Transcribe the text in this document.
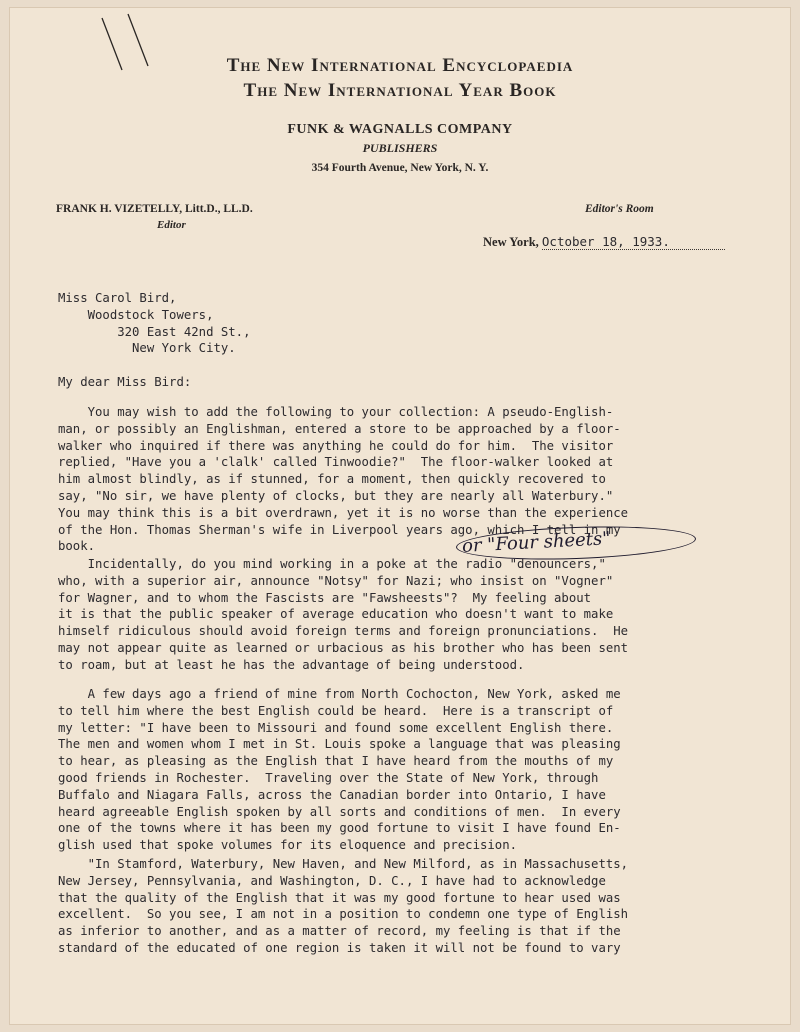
The New International Encyclopaedia
The New International Year Book
FUNK & WAGNALLS COMPANY
PUBLISHERS
354 Fourth Avenue, New York, N. Y.
FRANK H. VIZETELLY, Litt.D., LL.D.
Editor
Editor's Room
New York, October 18, 1933.
Miss Carol Bird,
Woodstock Towers,
320 East 42nd St.,
New York City.
My dear Miss Bird:
You may wish to add the following to your collection: A pseudo-English-
man, or possibly an Englishman, entered a store to be approached by a floor-
walker who inquired if there was anything he could do for him.  The visitor
replied, "Have you a 'clalk' called Tinwoodie?"  The floor-walker looked at
him almost blindly, as if stunned, for a moment, then quickly recovered to
say, "No sir, we have plenty of clocks, but they are nearly all Waterbury."
You may think this is a bit overdrawn, yet it is no worse than the experience
of the Hon. Thomas Sherman's wife in Liverpool years ago, which I tell in my
book.
Incidentally, do you mind working in a poke at the radio "denouncers,"
who, with a superior air, announce "Notsy" for Nazi; who insist on "Vogner"
for Wagner, and to whom the Fascists are "Fawsheests"?  My feeling about
it is that the public speaker of average education who doesn't want to make
himself ridiculous should avoid foreign terms and foreign pronunciations.  He
may not appear quite as learned or urbacious as his brother who has been sent
to roam, but at least he has the advantage of being understood.
A few days ago a friend of mine from North Cochocton, New York, asked me
to tell him where the best English could be heard.  Here is a transcript of
my letter: "I have been to Missouri and found some excellent English there.
The men and women whom I met in St. Louis spoke a language that was pleasing
to hear, as pleasing as the English that I have heard from the mouths of my
good friends in Rochester.  Traveling over the State of New York, through
Buffalo and Niagara Falls, across the Canadian border into Ontario, I have
heard agreeable English spoken by all sorts and conditions of men.  In every
one of the towns where it has been my good fortune to visit I have found En-
glish used that spoke volumes for its eloquence and precision.
"In Stamford, Waterbury, New Haven, and New Milford, as in Massachusetts,
New Jersey, Pennsylvania, and Washington, D. C., I have had to acknowledge
that the quality of the English that it was my good fortune to hear used was
excellent.  So you see, I am not in a position to condemn one type of English
as inferior to another, and as a matter of record, my feeling is that if the
standard of the educated of one region is taken it will not be found to vary
or "Four sheets"
